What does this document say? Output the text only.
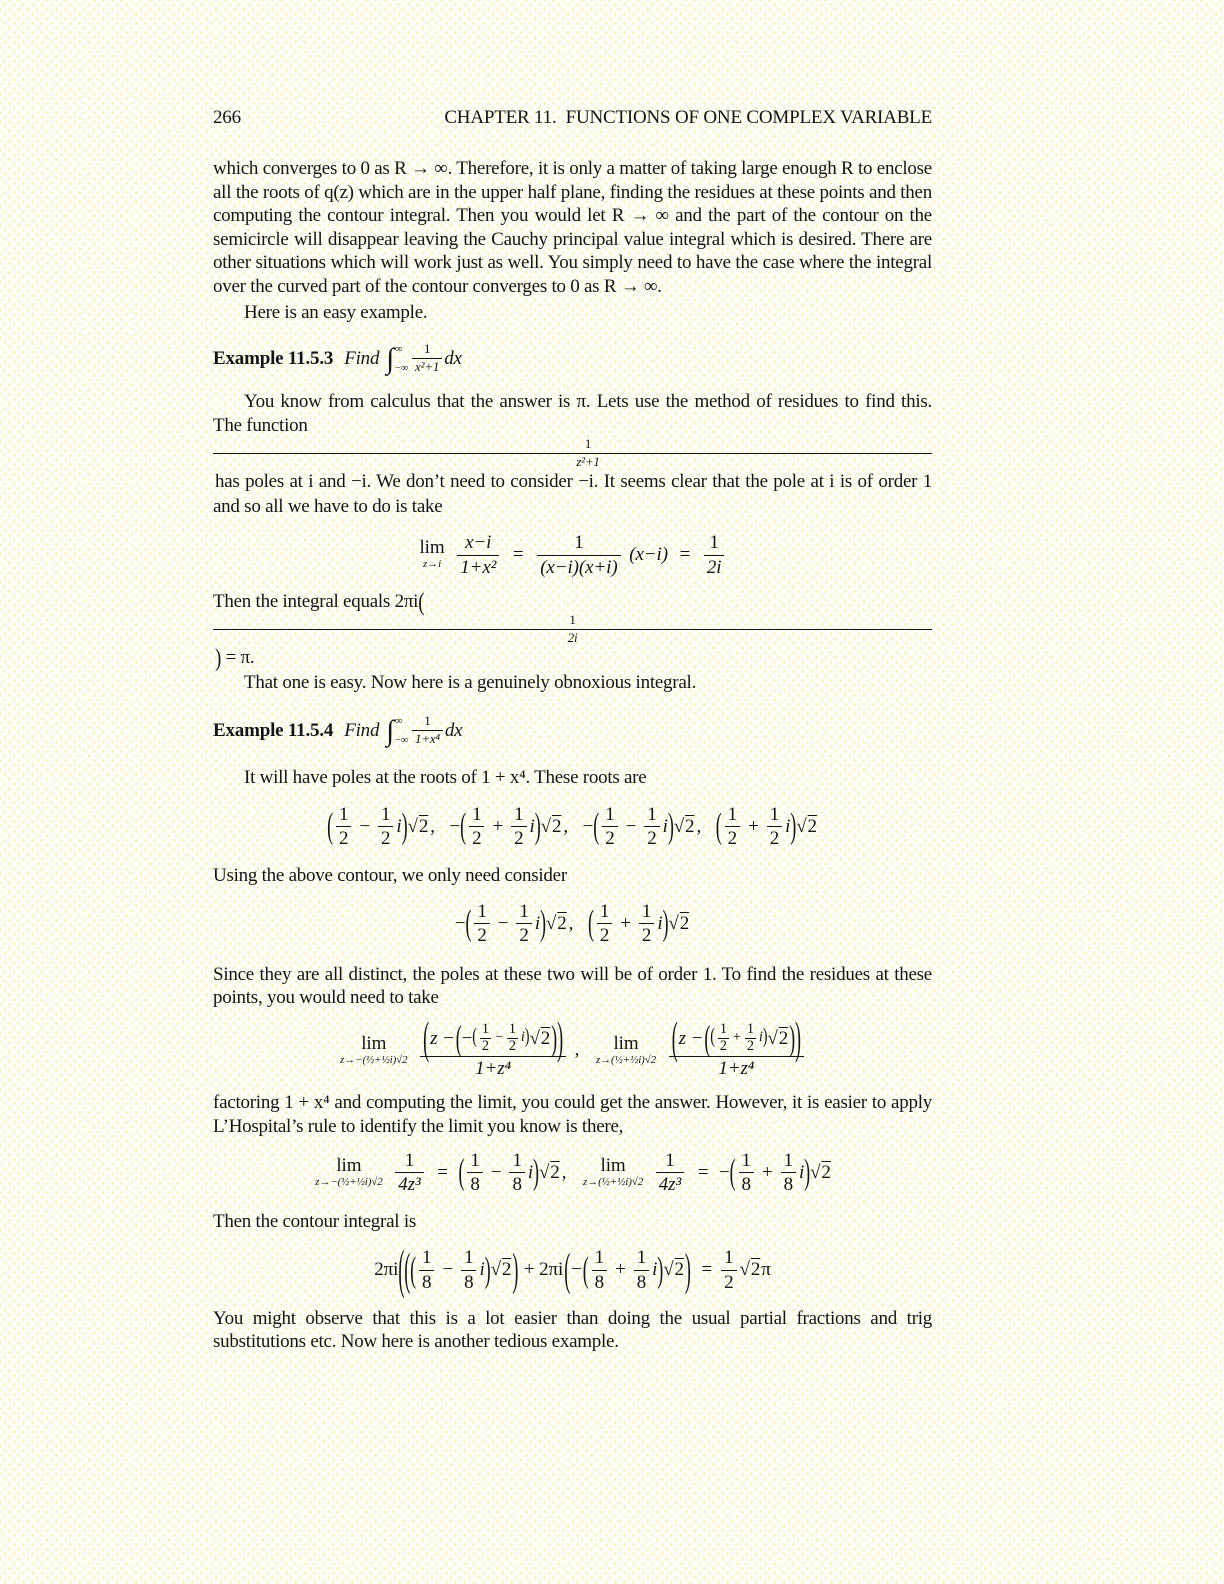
266	CHAPTER 11.  FUNCTIONS OF ONE COMPLEX VARIABLE

which converges to 0 as R → ∞. Therefore, it is only a matter of taking large enough R to enclose all the roots of q(z) which are in the upper half plane, finding the residues at these points and then computing the contour integral. Then you would let R → ∞ and the part of the contour on the semicircle will disappear leaving the Cauchy principal value integral which is desired. There are other situations which will work just as well. You simply need to have the case where the integral over the curved part of the contour converges to 0 as R → ∞.

Here is an easy example.

Example 11.5.3 Find ∫ ∞
−∞ $\frac{1}{\text{x²+1}}$ dx

You know from calculus that the answer is π. Lets use the method of residues to find this. The function
1
z²+1
has poles at i and −i. We don’t need to consider −i. It seems clear that the pole at i is of order 1 and so all we have to do is take

lim
z→i
$\frac{x-i}{\text{1+x²}} = \frac{1}{(x-i)(x+i)} (x-i) = \frac{1}{2i}$

Then the integral equals 2πi(
1
2i
) = π.

That one is easy. Now here is a genuinely obnoxious integral.

Example 11.5.4 Find ∫ ∞
−∞ $\frac{1}{\text{1+x⁴}}$ dx

It will have poles at the roots of 1 + x⁴. These roots are

( $\frac{1}{2} - \frac{1}{2} i)√2$ , −( $\frac{1}{2} + \frac{1}{2} i)√2$ , −( $\frac{1}{2} - \frac{1}{2} i)√2$ , ( $\frac{1}{2} + \frac{1}{2} i)√2$

Using the above contour, we only need consider

−( $\frac{1}{2} - \frac{1}{2} i)√2$ , ( $\frac{1}{2} + \frac{1}{2} i)√2$

Since they are all distinct, the poles at these two will be of order 1. To find the residues at these points, you would need to take

lim
z→−(½+½i)√2
$\frac{(z -(-( \frac{1}{2} - \frac{1}{2} i)√2))}{\text{1+z⁴}}$ ,	lim
z→(½+½i)√2
$\frac{(z -(( \frac{1}{2} + \frac{1}{2} i)√2))}{\text{1+z⁴}}$

factoring 1 + x⁴ and computing the limit, you could get the answer. However, it is easier to apply L’Hospital’s rule to identify the limit you know is there,

lim
z→−(½+½i)√2
$\frac{1}{\text{4z³}}$ = ( $\frac{1}{8} - \frac{1}{8} i)√2$ ,	lim
z→(½+½i)√2
$\frac{1}{\text{4z³}}$ = −( $\frac{1}{8} + \frac{1}{8} i)√2$

Then the contour integral is

$2\pi i((( \frac{1}{8} - \frac{1}{8} i)√2) + 2\pi i(-( \frac{1}{8} + \frac{1}{8} i)√2) = \frac{1}{2} √2\pi$

You might observe that this is a lot easier than doing the usual partial fractions and trig substitutions etc. Now here is another tedious example.
